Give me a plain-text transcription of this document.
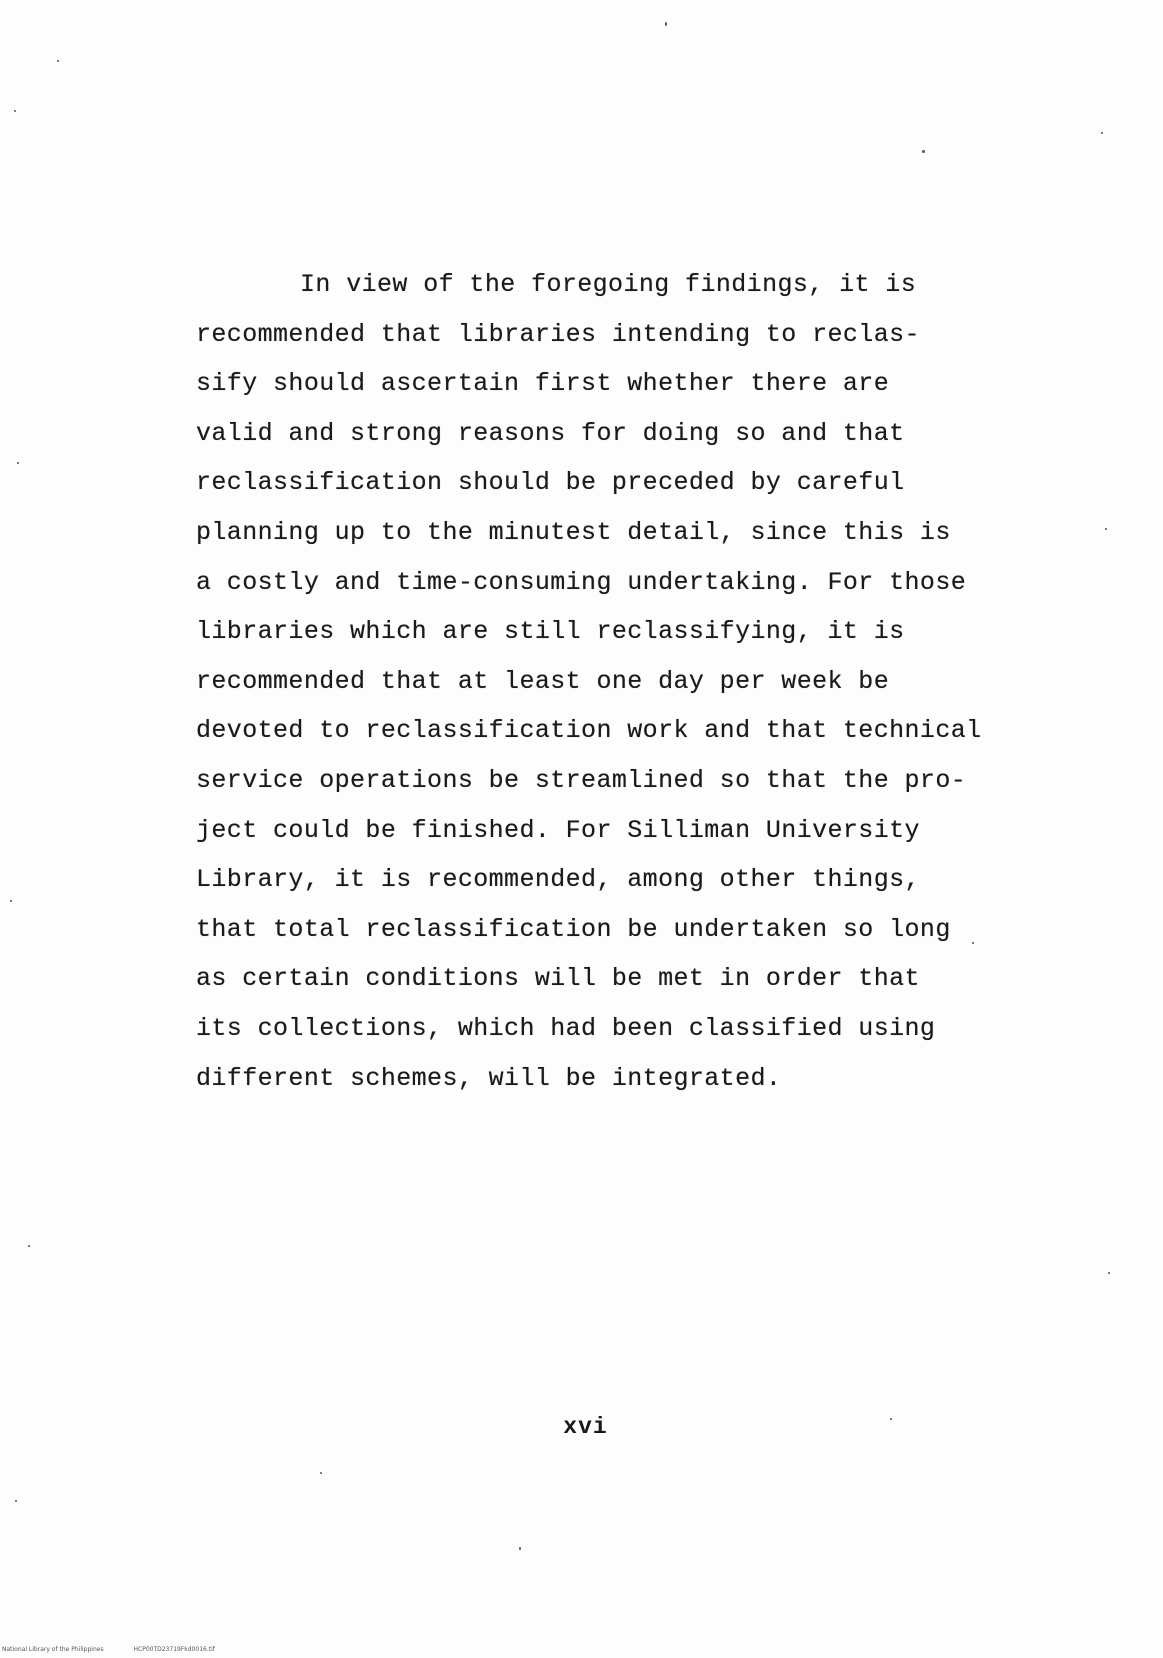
In view of the foregoing findings, it is
recommended that libraries intending to reclas-
sify should ascertain first whether there are
valid and strong reasons for doing so and that
reclassification should be preceded by careful
planning up to the minutest detail, since this is
a costly and time-consuming undertaking. For those
libraries which are still reclassifying, it is
recommended that at least one day per week be
devoted to reclassification work and that technical
service operations be streamlined so that the pro-
ject could be finished. For Silliman University
Library, it is recommended, among other things,
that total reclassification be undertaken so long
as certain conditions will be met in order that
its collections, which had been classified using
different schemes, will be integrated.
xvi
National Library of the Philippines	HCP00TD23719Fkd0016.tif
